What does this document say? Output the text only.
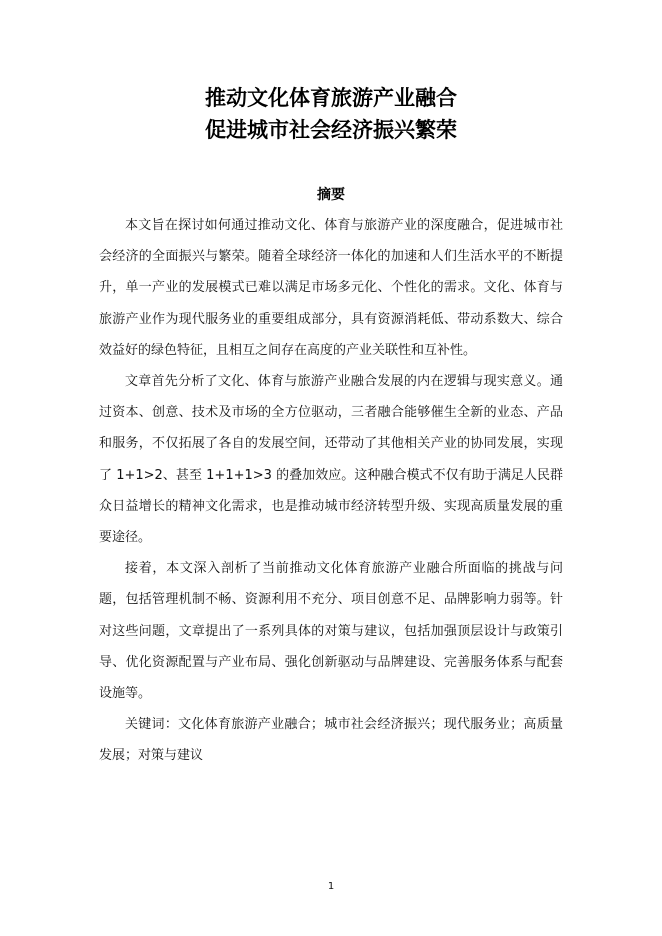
推动文化体育旅游产业融合
促进城市社会经济振兴繁荣
摘要

本文旨在探讨如何通过推动文化、体育与旅游产业的深度融合，促进城市社会经济的全面振兴与繁荣。随着全球经济一体化的加速和人们生活水平的不断提升，单一产业的发展模式已难以满足市场多元化、个性化的需求。文化、体育与旅游产业作为现代服务业的重要组成部分，具有资源消耗低、带动系数大、综合效益好的绿色特征，且相互之间存在高度的产业关联性和互补性。

文章首先分析了文化、体育与旅游产业融合发展的内在逻辑与现实意义。通过资本、创意、技术及市场的全方位驱动，三者融合能够催生全新的业态、产品和服务，不仅拓展了各自的发展空间，还带动了其他相关产业的协同发展，实现了 1+1>2、甚至 1+1+1>3 的叠加效应。这种融合模式不仅有助于满足人民群众日益增长的精神文化需求，也是推动城市经济转型升级、实现高质量发展的重要途径。

接着，本文深入剖析了当前推动文化体育旅游产业融合所面临的挑战与问题，包括管理机制不畅、资源利用不充分、项目创意不足、品牌影响力弱等。针对这些问题，文章提出了一系列具体的对策与建议，包括加强顶层设计与政策引导、优化资源配置与产业布局、强化创新驱动与品牌建设、完善服务体系与配套设施等。

关键词：文化体育旅游产业融合；城市社会经济振兴；现代服务业；高质量发展；对策与建议

1
